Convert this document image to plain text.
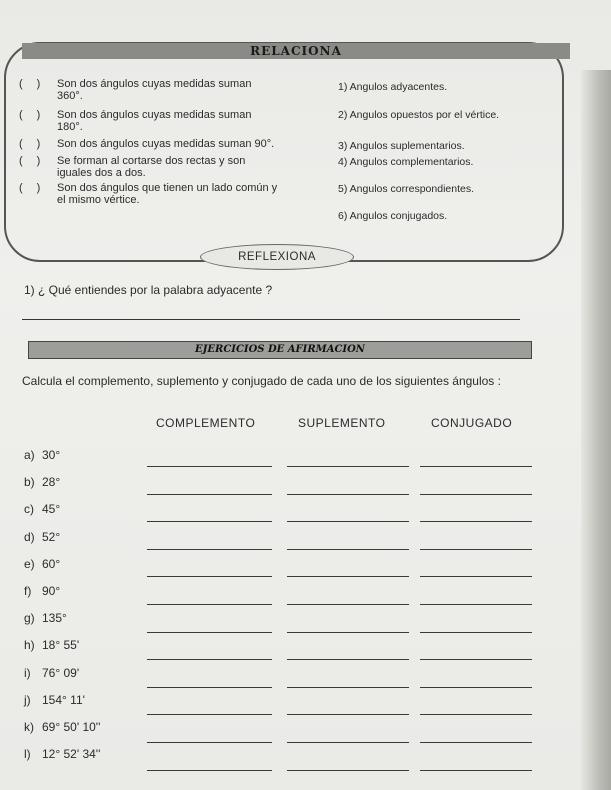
RELACIONA
( ) Son dos ángulos cuyas medidas suman
360°.
( ) Son dos ángulos cuyas medidas suman
180°.
( ) Son dos ángulos cuyas medidas suman 90°.
( ) Se forman al cortarse dos rectas y son
iguales dos a dos.
( ) Son dos ángulos que tienen un lado común y
el mismo vértice.
1) Angulos adyacentes.
2) Angulos opuestos por el vértice.
3) Angulos suplementarios.
4) Angulos complementarios.
5) Angulos correspondientes.
6) Angulos conjugados.
REFLEXIONA
1) ¿ Qué entiendes por la palabra adyacente ?
EJERCICIOS DE AFIRMACION
Calcula el complemento, suplemento y conjugado de cada uno de los siguientes ángulos :
COMPLEMENTO	SUPLEMENTO	CONJUGADO
a) 30°
b) 28°
c) 45°
d) 52°
e) 60°
f) 90°
g) 135°
h) 18° 55'
i) 76° 09'
j) 154° 11'
k) 69° 50' 10''
l) 12° 52' 34''
